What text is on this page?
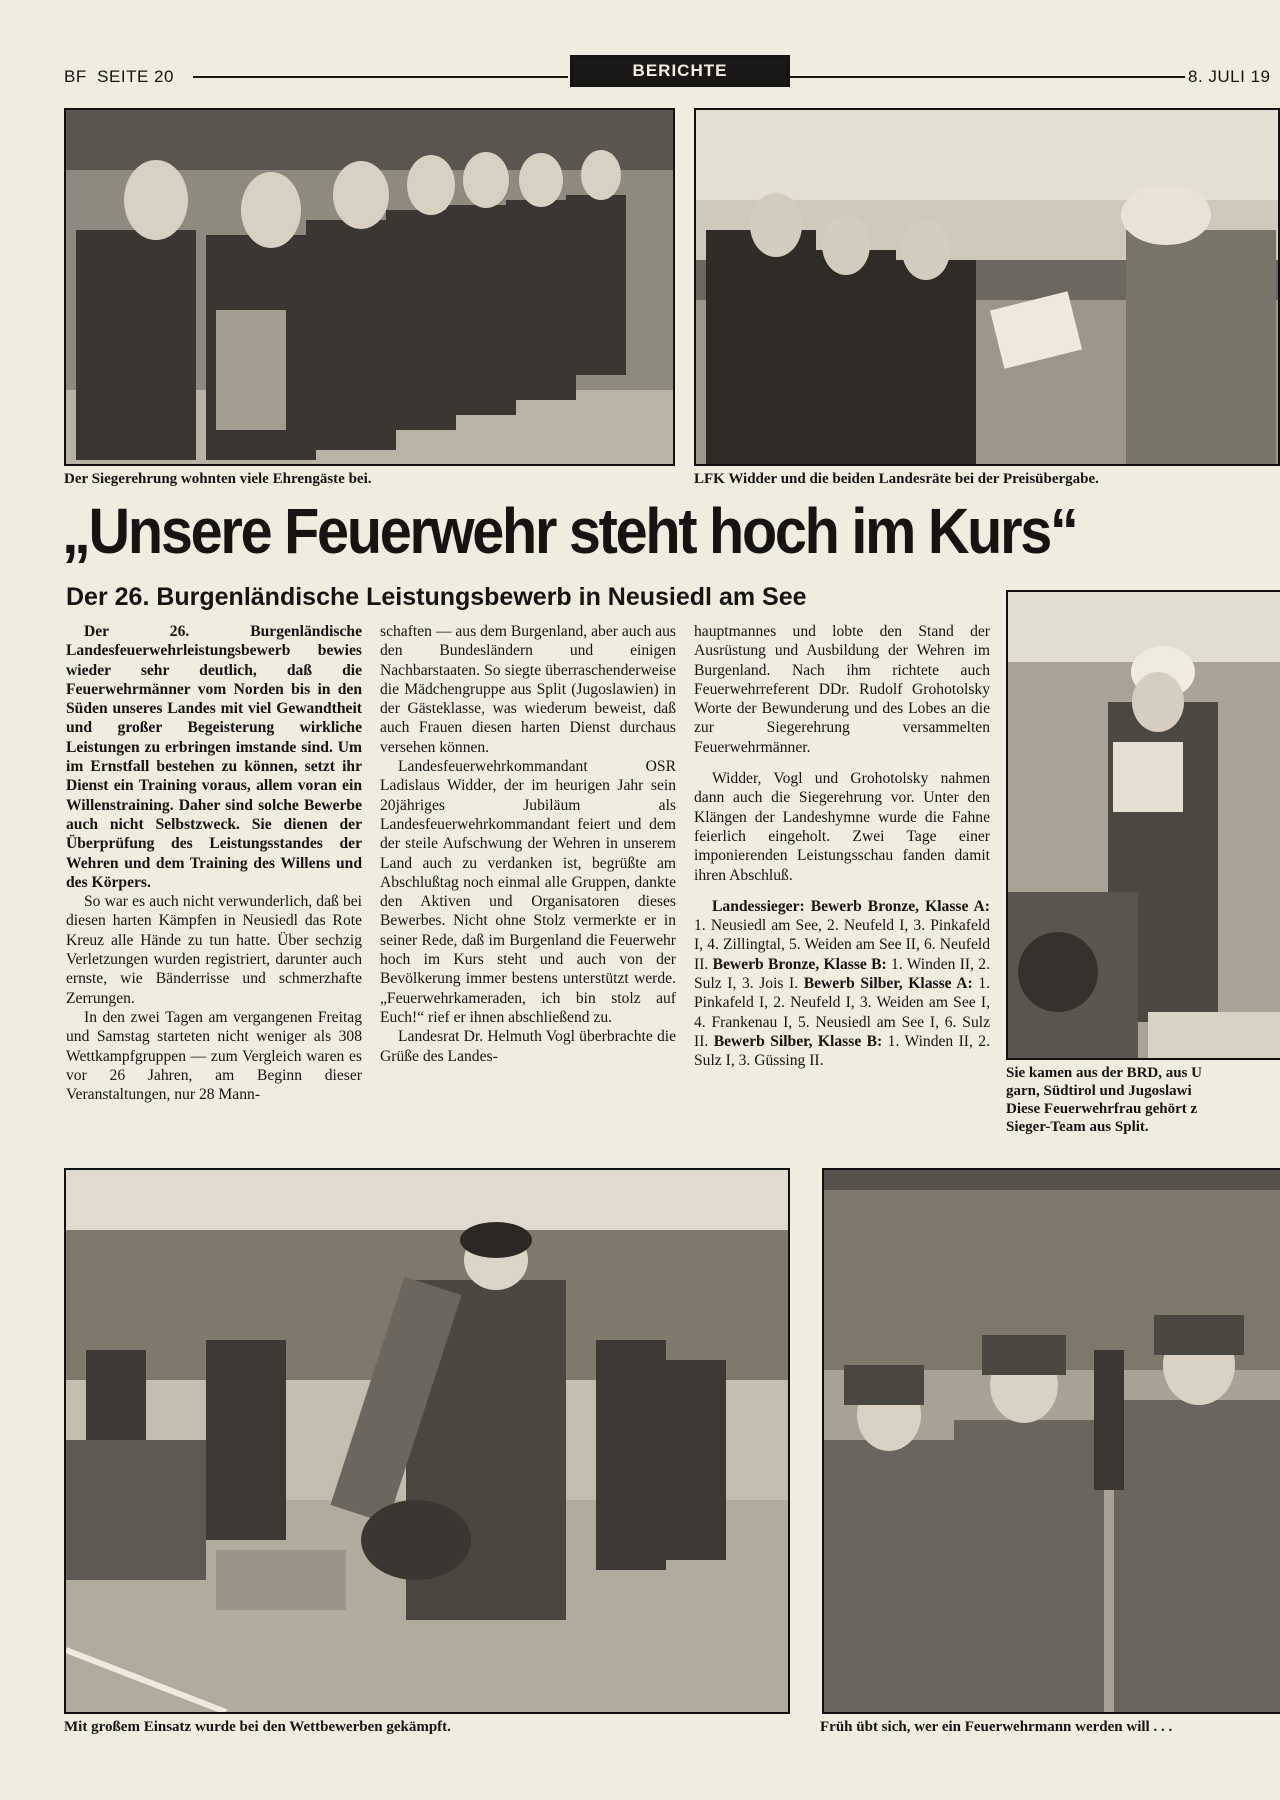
BF  SEITE 20	BERICHTE	8. JULI 19
Der Siegerehrung wohnten viele Ehrengäste bei.	LFK Widder und die beiden Landesräte bei der Preisübergabe.
„Unsere Feuerwehr steht hoch im Kurs“
Der 26. Burgenländische Leistungsbewerb in Neusiedl am See
Sie kamen aus der BRD, aus U
garn, Südtirol und Jugoslawi
Diese Feuerwehrfrau gehört z
Sieger-Team aus Split.

Der 26. Burgenländische Landesfeuerwehrleistungsbewerb bewies wieder sehr deutlich, daß die Feuerwehrmänner vom Norden bis in den Süden unseres Landes mit viel Gewandtheit und großer Begeisterung wirkliche Leistungen zu erbringen imstande sind. Um im Ernstfall bestehen zu können, setzt ihr Dienst ein Training voraus, allem voran ein Willenstraining. Daher sind solche Bewerbe auch nicht Selbstzweck. Sie dienen der Überprüfung des Leistungsstandes der Wehren und dem Training des Willens und des Körpers.

So war es auch nicht verwunderlich, daß bei diesen harten Kämpfen in Neusiedl das Rote Kreuz alle Hände zu tun hatte. Über sechzig Verletzungen wurden registriert, darunter auch ernste, wie Bänderrisse und schmerzhafte Zerrungen.

In den zwei Tagen am vergangenen Freitag und Samstag starteten nicht weniger als 308 Wettkampfgruppen — zum Vergleich waren es vor 26 Jahren, am Beginn dieser Veranstaltungen, nur 28 Mann-

schaften — aus dem Burgenland, aber auch aus den Bundesländern und einigen Nachbarstaaten. So siegte überraschenderweise die Mädchengruppe aus Split (Jugoslawien) in der Gästeklasse, was wiederum beweist, daß auch Frauen diesen harten Dienst durchaus versehen können.

Landesfeuerwehrkommandant OSR Ladislaus Widder, der im heurigen Jahr sein 20jähriges Jubiläum als Landesfeuerwehrkommandant feiert und dem der steile Aufschwung der Wehren in unserem Land auch zu verdanken ist, begrüßte am Abschlußtag noch einmal alle Gruppen, dankte den Aktiven und Organisatoren dieses Bewerbes. Nicht ohne Stolz vermerkte er in seiner Rede, daß im Burgenland die Feuerwehr hoch im Kurs steht und auch von der Bevölkerung immer bestens unterstützt werde. „Feuerwehrkameraden, ich bin stolz auf Euch!“ rief er ihnen abschließend zu.

Landesrat Dr. Helmuth Vogl überbrachte die Grüße des Landes-

hauptmannes und lobte den Stand der Ausrüstung und Ausbildung der Wehren im Burgenland. Nach ihm richtete auch Feuerwehrreferent DDr. Rudolf Grohotolsky Worte der Bewunderung und des Lobes an die zur Siegerehrung versammelten Feuerwehrmänner.

Widder, Vogl und Grohotolsky nahmen dann auch die Siegerehrung vor. Unter den Klängen der Landeshymne wurde die Fahne feierlich eingeholt. Zwei Tage einer imponierenden Leistungsschau fanden damit ihren Abschluß.

Landessieger: Bewerb Bronze, Klasse A: 1. Neusiedl am See, 2. Neufeld I, 3. Pinkafeld I, 4. Zillingtal, 5. Weiden am See II, 6. Neufeld II. Bewerb Bronze, Klasse B: 1. Winden II, 2. Sulz I, 3. Jois I. Bewerb Silber, Klasse A: 1. Pinkafeld I, 2. Neufeld I, 3. Weiden am See I, 4. Frankenau I, 5. Neusiedl am See I, 6. Sulz II. Bewerb Silber, Klasse B: 1. Winden II, 2. Sulz I, 3. Güssing II.

Mit großem Einsatz wurde bei den Wettbewerben gekämpft.	Früh übt sich, wer ein Feuerwehrmann werden will . . .
